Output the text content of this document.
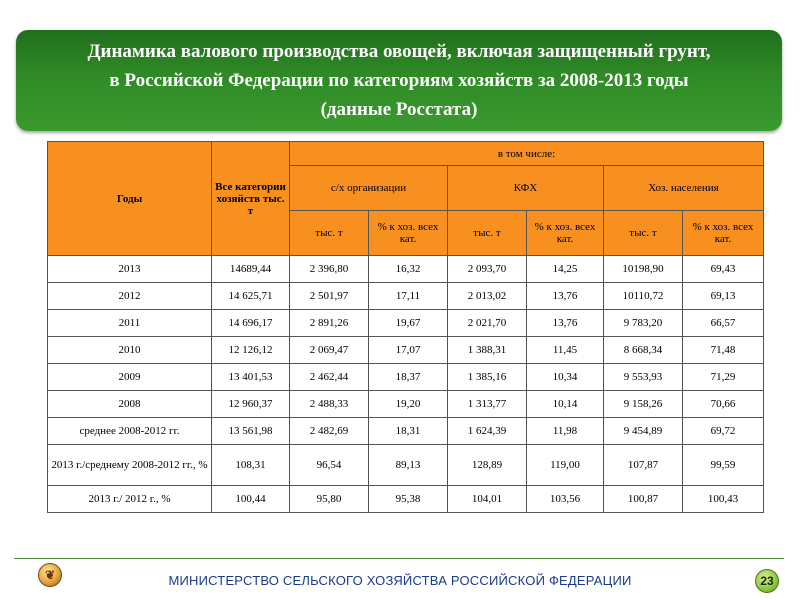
Динамика валового производства овощей, включая защищенный грунт,
в Российской Федерации по категориям хозяйств за 2008-2013 годы
(данные Росстата)
Годы	Все категории хозяйств тыс. т	в том числе:					
		с/х организации		КФХ		Хоз. населения	
		тыс. т	% к хоз. всех кат.	тыс. т	% к хоз. всех кат.	тыс. т	% к хоз. всех кат.
2013	14689,44	2 396,80	16,32	2 093,70	14,25	10198,90	69,43
2012	14 625,71	2 501,97	17,11	2 013,02	13,76	10110,72	69,13
2011	14 696,17	2 891,26	19,67	2 021,70	13,76	9 783,20	66,57
2010	12 126,12	2 069,47	17,07	1 388,31	11,45	8 668,34	71,48
2009	13 401,53	2 462,44	18,37	1 385,16	10,34	9 553,93	71,29
2008	12 960,37	2 488,33	19,20	1 313,77	10,14	9 158,26	70,66
среднее 2008-2012 гг.	13 561,98	2 482,69	18,31	1 624,39	11,98	9 454,89	69,72
2013 г./среднему 2008-2012 гг., %	108,31	96,54	89,13	128,89	119,00	107,87	99,59
2013 г./ 2012 г., %	100,44	95,80	95,38	104,01	103,56	100,87	100,43
❦	МИНИСТЕРСТВО СЕЛЬСКОГО ХОЗЯЙСТВА РОССИЙСКОЙ ФЕДЕРАЦИИ	23
